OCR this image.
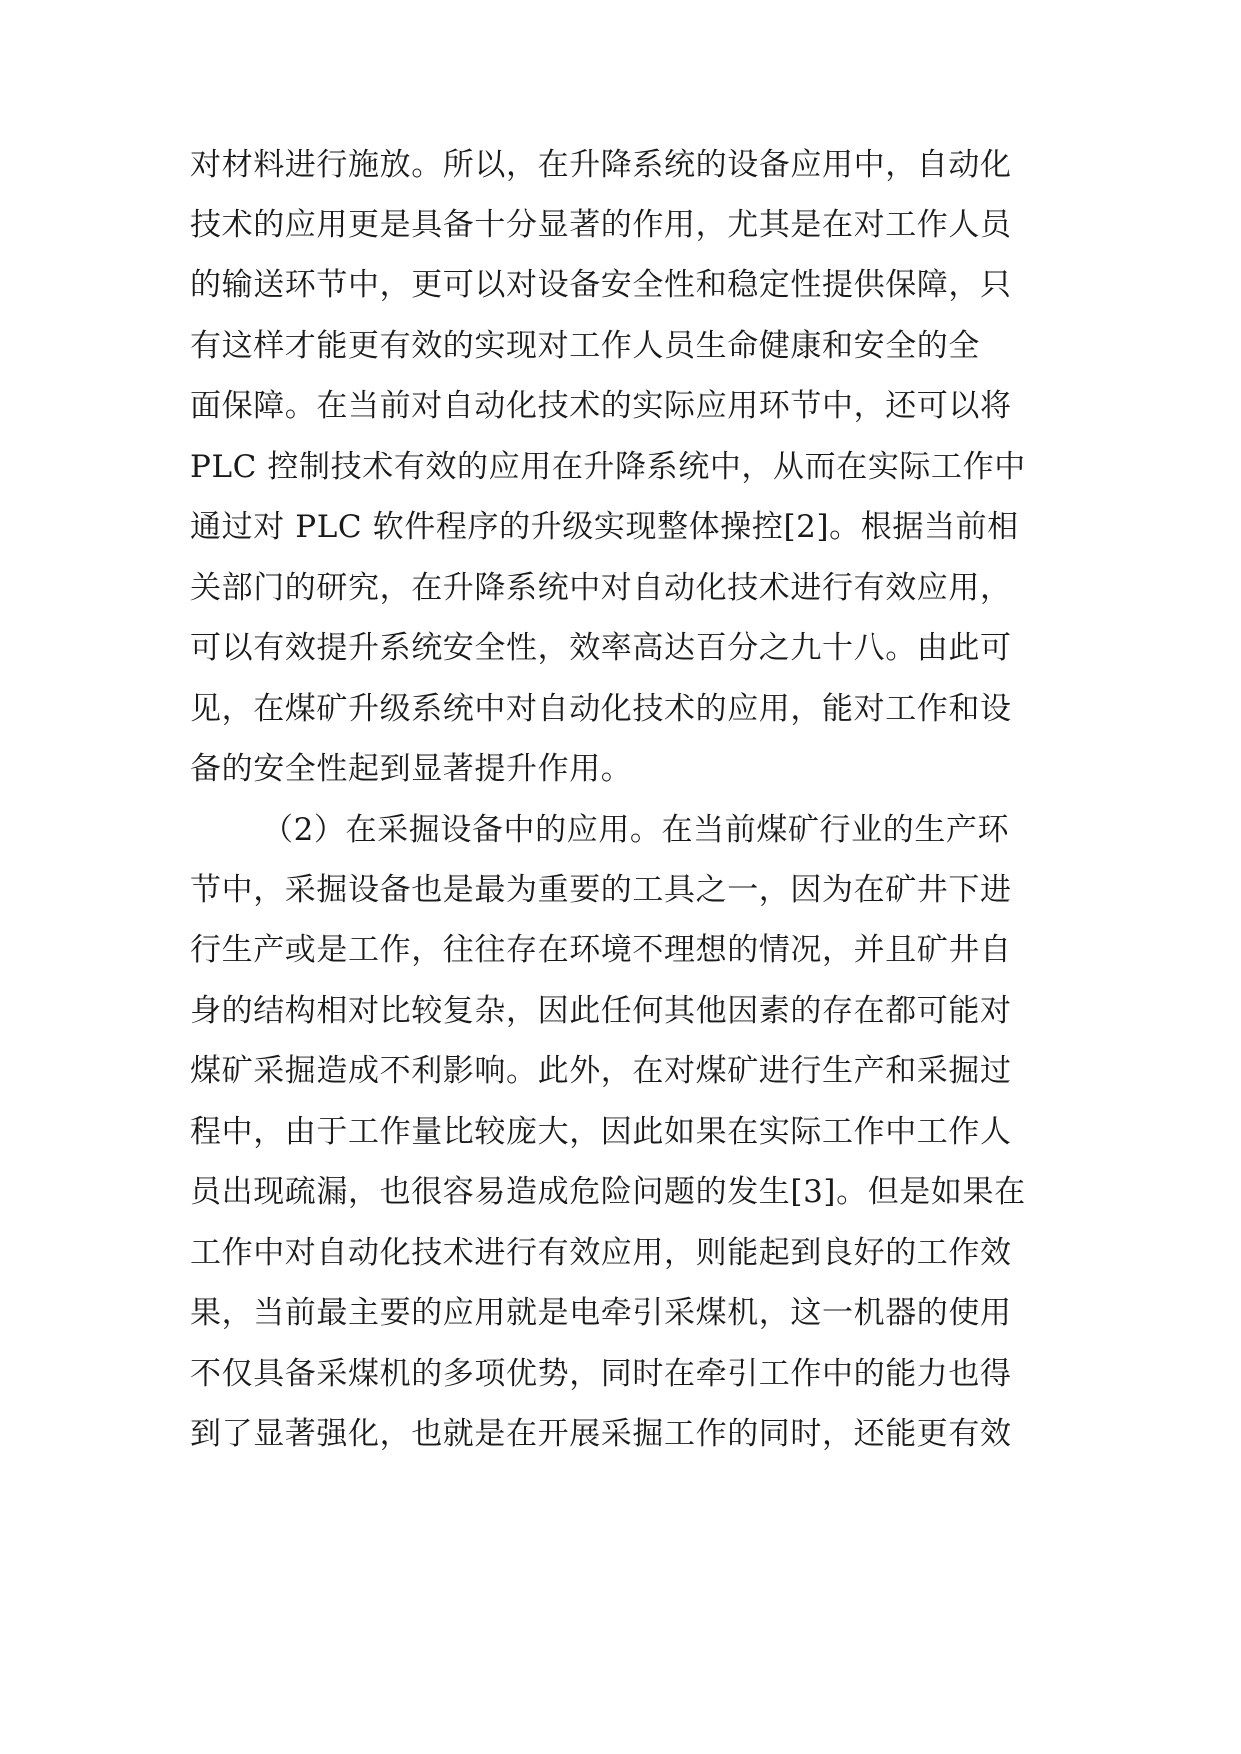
对材料进行施放。所以，在升降系统的设备应用中，自动化
技术的应用更是具备十分显著的作用，尤其是在对工作人员
的输送环节中，更可以对设备安全性和稳定性提供保障，只
有这样才能更有效的实现对工作人员生命健康和安全的全
面保障。在当前对自动化技术的实际应用环节中，还可以将
PLC 控制技术有效的应用在升降系统中，从而在实际工作中
通过对 PLC 软件程序的升级实现整体操控[2]。根据当前相
关部门的研究，在升降系统中对自动化技术进行有效应用，
可以有效提升系统安全性，效率高达百分之九十八。由此可
见，在煤矿升级系统中对自动化技术的应用，能对工作和设
备的安全性起到显著提升作用。
（2）在采掘设备中的应用。在当前煤矿行业的生产环
节中，采掘设备也是最为重要的工具之一，因为在矿井下进
行生产或是工作，往往存在环境不理想的情况，并且矿井自
身的结构相对比较复杂，因此任何其他因素的存在都可能对
煤矿采掘造成不利影响。此外，在对煤矿进行生产和采掘过
程中，由于工作量比较庞大，因此如果在实际工作中工作人
员出现疏漏，也很容易造成危险问题的发生[3]。但是如果在
工作中对自动化技术进行有效应用，则能起到良好的工作效
果，当前最主要的应用就是电牵引采煤机，这一机器的使用
不仅具备采煤机的多项优势，同时在牵引工作中的能力也得
到了显著强化，也就是在开展采掘工作的同时，还能更有效
